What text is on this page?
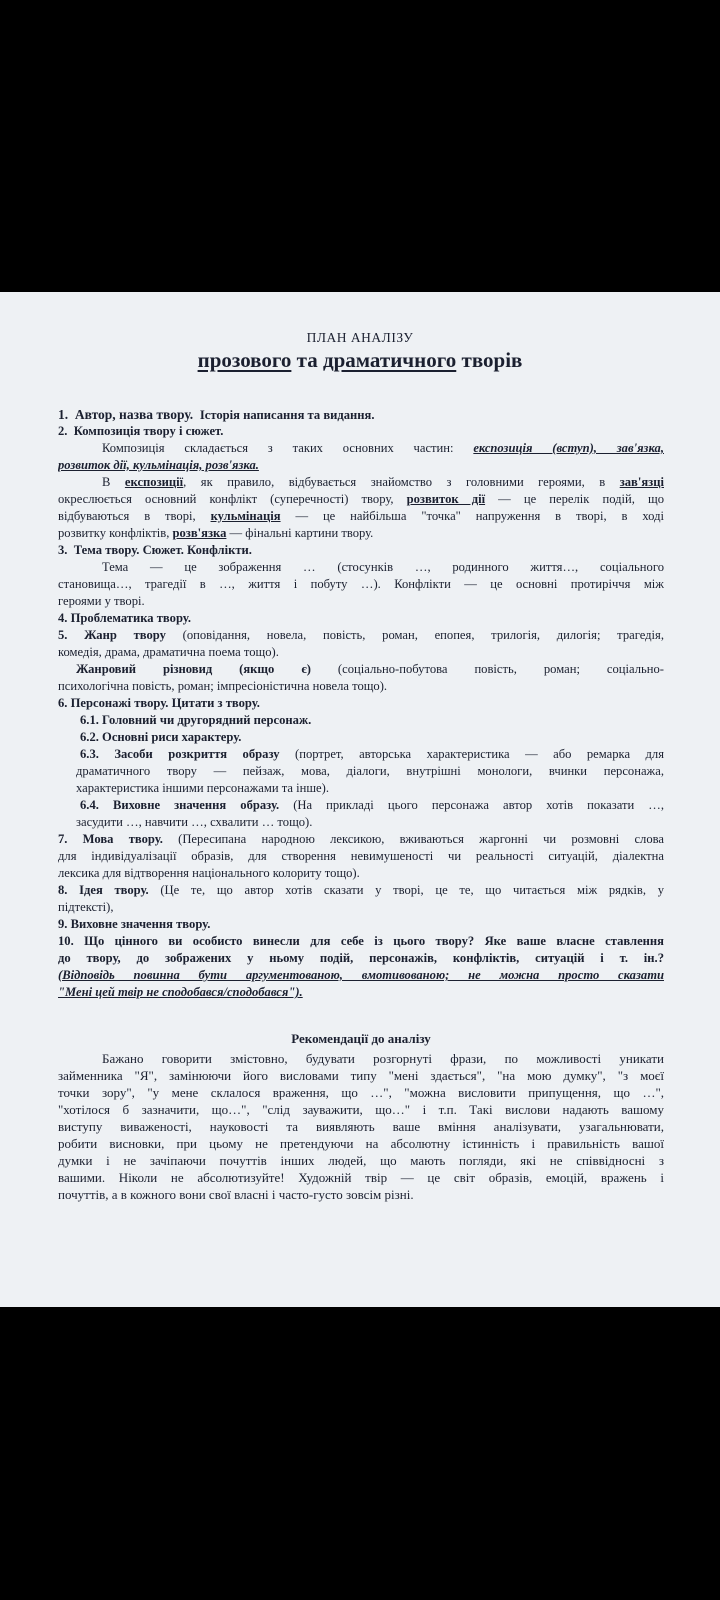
ПЛАН АНАЛІЗУ
прозового та драматичного творів
1. Автор, назва твору. Історія написання та видання.
2. Композиція твору і сюжет.
Композиція складається з таких основних частин: експозиція (вступ), зав'язка,
розвиток дії, кульмінація, розв'язка.
В експозиції, як правило, відбувається знайомство з головними героями, в зав'язці
окреслюється основний конфлікт (суперечності) твору, розвиток дії — це перелік подій, що
відбуваються в творі, кульмінація — це найбільша "точка" напруження в творі, в ході
розвитку конфліктів, розв'язка — фінальні картини твору.
3. Тема твору. Сюжет. Конфлікти.
Тема — це зображення … (стосунків …, родинного життя…, соціального
становища…, трагедії в …, життя і побуту …). Конфлікти — це основні протиріччя між
героями у творі.
4. Проблематика твору.
5. Жанр твору (оповідання, новела, повість, роман, епопея, трилогія, дилогія; трагедія,
комедія, драма, драматична поема тощо).
Жанровий різновид (якщо є) (соціально-побутова повість, роман; соціально-
психологічна повість, роман; імпресіоністична новела тощо).
6. Персонажі твору. Цитати з твору.
6.1. Головний чи другорядний персонаж.
6.2. Основні риси характеру.
6.3. Засоби розкриття образу (портрет, авторська характеристика — або ремарка для
драматичного твору — пейзаж, мова, діалоги, внутрішні монологи, вчинки персонажа,
характеристика іншими персонажами та інше).
6.4. Виховне значення образу. (На прикладі цього персонажа автор хотів показати …,
засудити …, навчити …, схвалити … тощо).
7. Мова твору. (Пересипана народною лексикою, вживаються жаргонні чи розмовні слова
для індивідуалізації образів, для створення невимушеності чи реальності ситуацій, діалектна
лексика для відтворення національного колориту тощо).
8. Ідея твору. (Це те, що автор хотів сказати у творі, це те, що читається між рядків, у
підтексті),
9. Виховне значення твору.
10. Що цінного ви особисто винесли для себе із цього твору? Яке ваше власне ставлення
до твору, до зображених у ньому подій, персонажів, конфліктів, ситуацій і т. ін.?
(Відповідь повинна бути аргументованою, вмотивованою; не можна просто сказати
"Мені цей твір не сподобався/сподобався").
Рекомендації до аналізу
Бажано говорити змістовно, будувати розгорнуті фрази, по можливості уникати
займенника "Я", замінюючи його висловами типу "мені здається", "на мою думку", "з моєї
точки зору", "у мене склалося враження, що …", "можна висловити припущення, що …",
"хотілося б зазначити, що…", "слід зауважити, що…" і т.п. Такі вислови надають вашому
виступу виваженості, науковості та виявляють ваше вміння аналізувати, узагальнювати,
робити висновки, при цьому не претендуючи на абсолютну істинність і правильність вашої
думки і не зачіпаючи почуттів інших людей, що мають погляди, які не співвідносні з
вашими. Ніколи не абсолютизуйте! Художній твір — це світ образів, емоцій, вражень і
почуттів, а в кожного вони свої власні і часто-густо зовсім різні.
